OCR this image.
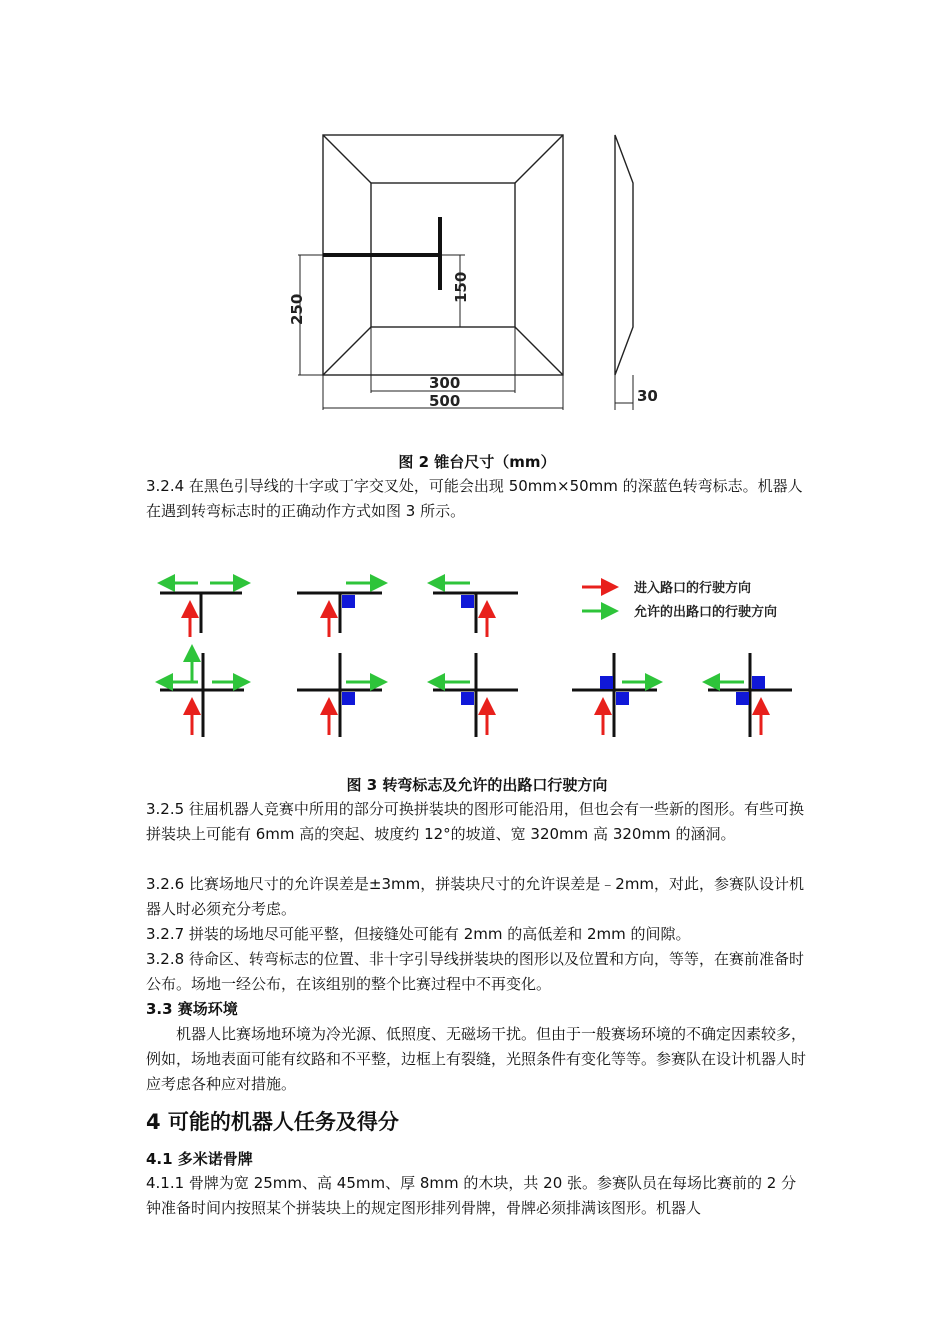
250
150
300
500	30

图 2 锥台尺寸（mm）

3.2.4 在黑色引导线的十字或丁字交叉处，可能会出现 50mm×50mm 的深蓝色转弯标志。机器人在遇到转弯标志时的正确动作方式如图 3 所示。

进入路口的行驶方向
允许的出路口的行驶方向

图 3 转弯标志及允许的出路口行驶方向

3.2.5 往届机器人竞赛中所用的部分可换拼装块的图形可能沿用，但也会有一些新的图形。有些可换拼装块上可能有 6mm 高的突起、坡度约 12°的坡道、宽 320mm 高 320mm 的涵洞。

3.2.6 比赛场地尺寸的允许误差是±3mm，拼装块尺寸的允许误差是﹣2mm，对此，参赛队设计机器人时必须充分考虑。

3.2.7 拼装的场地尽可能平整，但接缝处可能有 2mm 的高低差和 2mm 的间隙。

3.2.8 待命区、转弯标志的位置、非十字引导线拼装块的图形以及位置和方向，等等，在赛前准备时公布。场地一经公布，在该组别的整个比赛过程中不再变化。

3.3 赛场环境

机器人比赛场地环境为冷光源、低照度、无磁场干扰。但由于一般赛场环境的不确定因素较多，例如，场地表面可能有纹路和不平整，边框上有裂缝，光照条件有变化等等。参赛队在设计机器人时应考虑各种应对措施。

4 可能的机器人任务及得分

4.1 多米诺骨牌

4.1.1 骨牌为宽 25mm、高 45mm、厚 8mm 的木块，共 20 张。参赛队员在每场比赛前的 2 分钟准备时间内按照某个拼装块上的规定图形排列骨牌，骨牌必须排满该图形。机器人
